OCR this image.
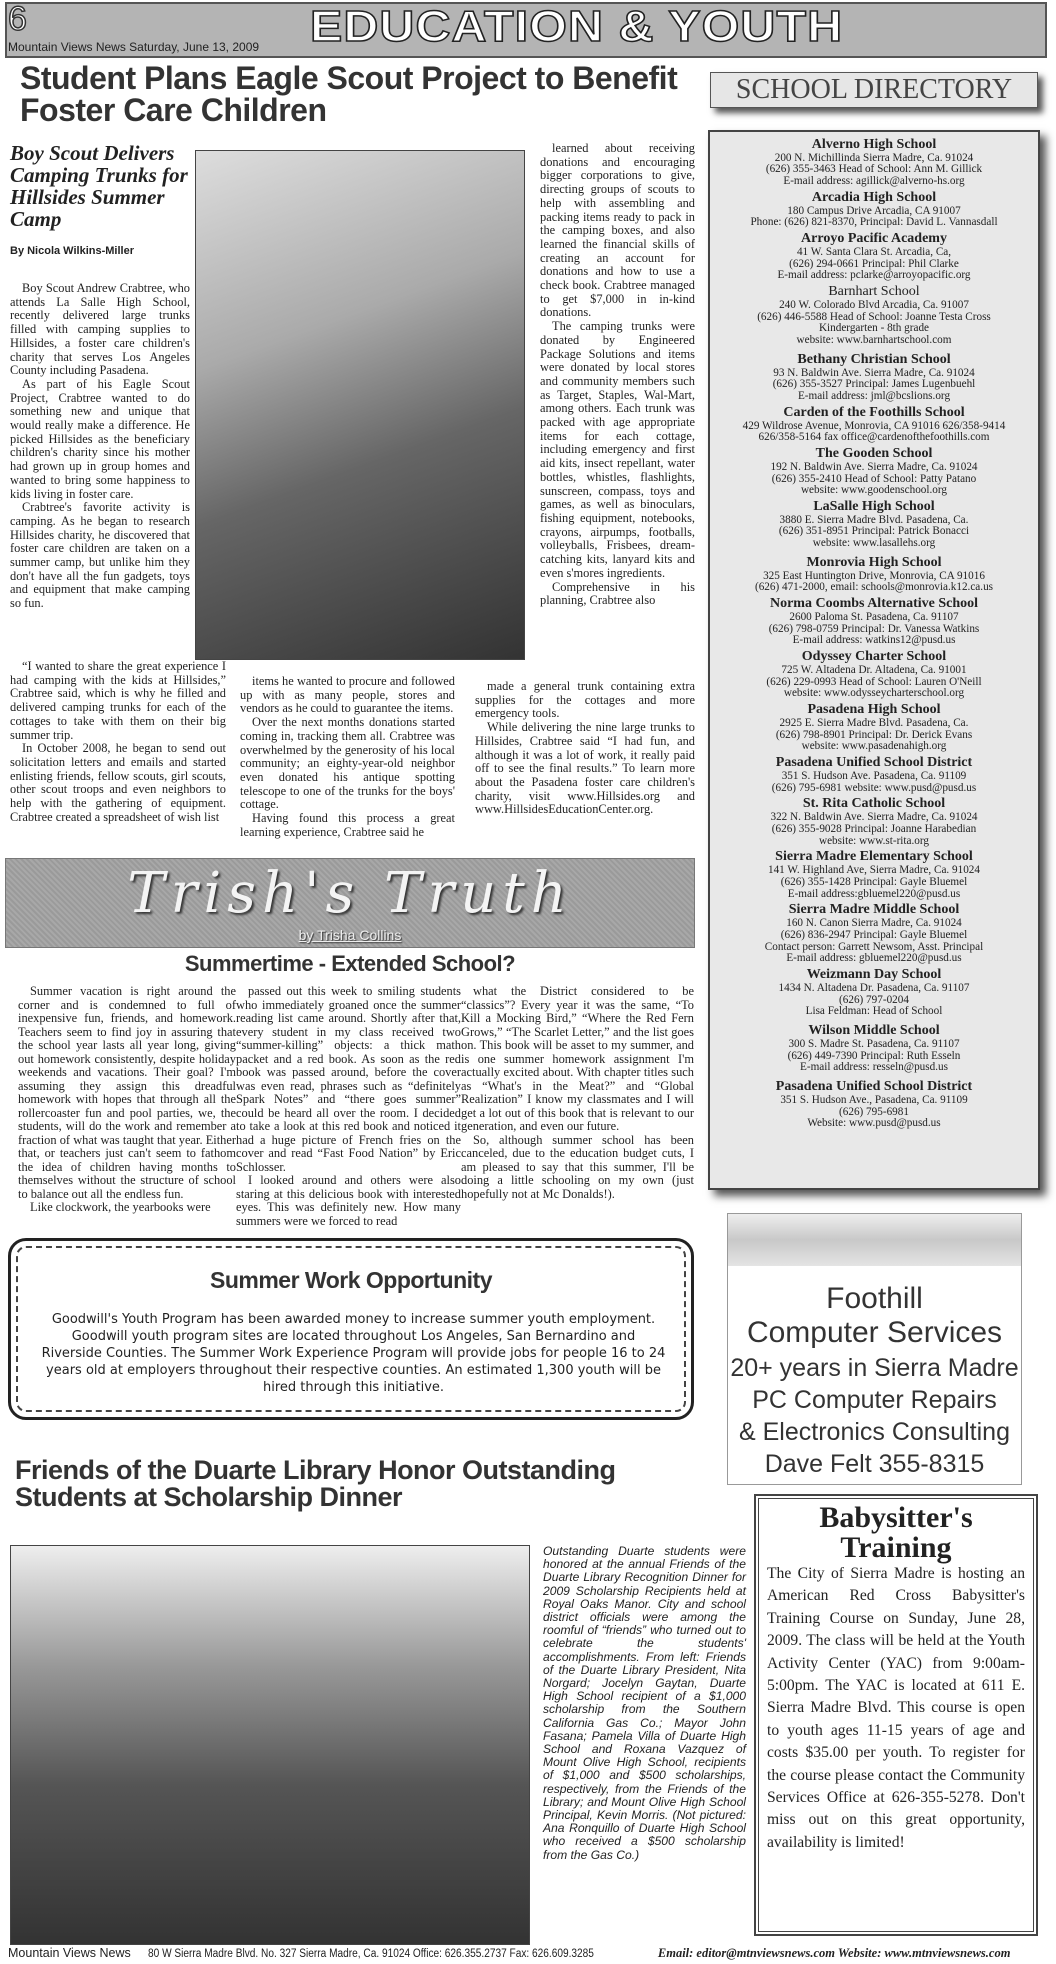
6
Mountain Views News Saturday, June 13, 2009 EDUCATION & YOUTH
Student Plans Eagle Scout Project to Benefit Foster Care Children
Boy Scout Delivers Camping Trunks for Hillsides Summer Camp
By Nicola Wilkins-Miller

Boy Scout Andrew Crabtree, who attends La Salle High School, recently delivered large trunks filled with camping supplies to Hillsides, a foster care children's charity that serves Los Angeles County including Pasadena.

As part of his Eagle Scout Project, Crabtree wanted to do something new and unique that would really make a difference. He picked Hillsides as the beneficiary children's charity since his mother had grown up in group homes and wanted to bring some happiness to kids living in foster care.

Crabtree's favorite activity is camping. As he began to research Hillsides charity, he discovered that foster care children are taken on a summer camp, but unlike him they don't have all the fun gadgets, toys and equipment that make camping so fun.

“I wanted to share the great experience I had camping with the kids at Hillsides,” Crabtree said, which is why he filled and delivered camping trunks for each of the cottages to take with them on their big summer trip.

In October 2008, he began to send out solicitation letters and emails and started enlisting friends, fellow scouts, girl scouts, other scout troops and even neighbors to help with the gathering of equipment. Crabtree created a spreadsheet of wish list

items he wanted to procure and followed up with as many people, stores and vendors as he could to guarantee the items.

Over the next months donations started coming in, tracking them all. Crabtree was overwhelmed by the generosity of his local community; an eighty-year-old neighbor even donated his antique spotting telescope to one of the trunks for the boys' cottage.

Having found this process a great learning experience, Crabtree said he

learned about receiving donations and encouraging bigger corporations to give, directing groups of scouts to help with assembling and packing items ready to pack in the camping boxes, and also learned the financial skills of creating an account for donations and how to use a check book. Crabtree managed to get $7,000 in in-kind donations.

The camping trunks were donated by Engineered Package Solutions and items were donated by local stores and community members such as Target, Staples, Wal-Mart, among others. Each trunk was packed with age appropriate items for each cottage, including emergency and first aid kits, insect repellant, water bottles, whistles, flashlights, sunscreen, compass, toys and games, as well as binoculars, fishing equipment, notebooks, crayons, airpumps, footballs, volleyballs, Frisbees, dream-catching kits, lanyard kits and even s'mores ingredients.

Comprehensive in his planning, Crabtree also

made a general trunk containing extra supplies for the cottages and more emergency tools.

While delivering the nine large trunks to Hillsides, Crabtree said “I had fun, and although it was a lot of work, it really paid off to see the final results.” To learn more about the Pasadena foster care children's charity, visit www.Hillsides.org and www.HillsidesEducationCenter.org.

SCHOOL DIRECTORY
Alverno High School
200 N. Michillinda Sierra Madre, Ca. 91024
(626) 355-3463 Head of School: Ann M. Gillick
E-mail address: agillick@alverno-hs.org
Arcadia High School
180 Campus Drive Arcadia, CA 91007
Phone: (626) 821-8370, Principal: David L. Vannasdall
Arroyo Pacific Academy
41 W. Santa Clara St. Arcadia, Ca,
(626) 294-0661 Principal: Phil Clarke
E-mail address: pclarke@arroyopacific.org
Barnhart School
240 W. Colorado Blvd Arcadia, Ca. 91007
(626) 446-5588 Head of School: Joanne Testa Cross
Kindergarten - 8th grade
website: www.barnhartschool.com
Bethany Christian School
93 N. Baldwin Ave. Sierra Madre, Ca. 91024
(626) 355-3527 Principal: James Lugenbuehl
E-mail address: jml@bcslions.org
Carden of the Foothills School
429 Wildrose Avenue, Monrovia, CA 91016 626/358-9414
626/358-5164 fax office@cardenofthefoothills.com
The Gooden School
192 N. Baldwin Ave. Sierra Madre, Ca. 91024
(626) 355-2410 Head of School: Patty Patano
website: www.goodenschool.org
LaSalle High School
3880 E. Sierra Madre Blvd. Pasadena, Ca.
(626) 351-8951 Principal: Patrick Bonacci
website: www.lasallehs.org
Monrovia High School
325 East Huntington Drive, Monrovia, CA 91016
(626) 471-2000, email: schools@monrovia.k12.ca.us
Norma Coombs Alternative School
2600 Paloma St. Pasadena, Ca. 91107
(626) 798-0759 Principal: Dr. Vanessa Watkins
E-mail address: watkins12@pusd.us
Odyssey Charter School
725 W. Altadena Dr. Altadena, Ca. 91001
(626) 229-0993 Head of School: Lauren O'Neill
website: www.odysseycharterschool.org
Pasadena High School
2925 E. Sierra Madre Blvd. Pasadena, Ca.
(626) 798-8901 Principal: Dr. Derick Evans
website: www.pasadenahigh.org
Pasadena Unified School District
351 S. Hudson Ave. Pasadena, Ca. 91109
(626) 795-6981 website: www.pusd@pusd.us
St. Rita Catholic School
322 N. Baldwin Ave. Sierra Madre, Ca. 91024
(626) 355-9028 Principal: Joanne Harabedian
website: www.st-rita.org
Sierra Madre Elementary School
141 W. Highland Ave, Sierra Madre, Ca. 91024
(626) 355-1428 Principal: Gayle Bluemel
E-mail address:gbluemel220@pusd.us
Sierra Madre Middle School
160 N. Canon Sierra Madre, Ca. 91024
(626) 836-2947 Principal: Gayle Bluemel
Contact person: Garrett Newsom, Asst. Principal
E-mail address: gbluemel220@pusd.us
Weizmann Day School
1434 N. Altadena Dr. Pasadena, Ca. 91107
(626) 797-0204
Lisa Feldman: Head of School
Wilson Middle School
300 S. Madre St. Pasadena, Ca. 91107
(626) 449-7390 Principal: Ruth Esseln
E-mail address: resseln@pusd.us
Pasadena Unified School District
351 S. Hudson Ave., Pasadena, Ca. 91109
(626) 795-6981
Website: www.pusd@pusd.us
Trish's Truth
by Trisha Collins
Summertime - Extended School?

Summer vacation is right around the corner and is condemned to full of inexpensive fun, friends, and homework. Teachers seem to find joy in assuring that the school year lasts all year long, giving out homework consistently, despite holiday weekends and vacations. Their goal? I'm assuming they assign this dreadful homework with hopes that through all the rollercoaster fun and pool parties, we, the students, will do the work and remember a fraction of what was taught that year. Either that, or teachers just can't seem to fathom the idea of children having months to themselves without the structure of school to balance out all the endless fun.

Like clockwork, the yearbooks were

passed out this week to smiling students who immediately groaned once the summer reading list came around. Shortly after that, every student in my class received two “summer-killing” objects: a thick math packet and a red book. As soon as the red book was passed around, before the cover was even read, phrases such as “definitely Spark Notes” and “there goes summer” could be heard all over the room. I decided to take a look at this red book and noticed it had a huge picture of French fries on the cover and read “Fast Food Nation” by Eric Schlosser.

I looked around and others were also staring at this delicious book with interested eyes. This was definitely new. How many summers were we forced to read

what the District considered to be “classics”? Every year it was the same, “To Kill a Mocking Bird,” “Where the Red Fern Grows,” “The Scarlet Letter,” and the list goes on. This book will be asset to my summer, and is one summer homework assignment I'm actually excited about. With chapter titles such as “What's in the Meat?” and “Global Realization” I know my classmates and I will get a lot out of this book that is relevant to our generation, and even our future.

So, although summer school has been canceled, due to the education budget cuts, I am pleased to say that this summer, I'll be doing a little schooling on my own (just hopefully not at Mc Donalds!).

Summer Work Opportunity
Goodwill's Youth Program has been awarded money to increase summer youth employment. Goodwill youth program sites are located throughout Los Angeles, San Bernardino and Riverside Counties. The Summer Work Experience Program will provide jobs for people 16 to 24 years old at employers throughout their respective counties. An estimated 1,300 youth will be hired through this initiative.
Foothill
Computer Services
20+ years in Sierra Madre
PC Computer Repairs
& Electronics Consulting
Dave Felt 355-8315
Friends of the Duarte Library Honor Outstanding Students at Scholarship Dinner
Outstanding Duarte students were honored at the annual Friends of the Duarte Library Recognition Dinner for 2009 Scholarship Recipients held at Royal Oaks Manor. City and school district officials were among the roomful of “friends” who turned out to celebrate the students' accomplishments. From left: Friends of the Duarte Library President, Nita Norgard; Jocelyn Gaytan, Duarte High School recipient of a $1,000 scholarship from the Southern California Gas Co.; Mayor John Fasana; Pamela Villa of Duarte High School and Roxana Vazquez of Mount Olive High School, recipients of $1,000 and $500 scholarships, respectively, from the Friends of the Library; and Mount Olive High School Principal, Kevin Morris. (Not pictured: Ana Ronquillo of Duarte High School who received a $500 scholarship from the Gas Co.)
Babysitter's Training
The City of Sierra Madre is hosting an American Red Cross Babysitter's Training Course on Sunday, June 28, 2009. The class will be held at the Youth Activity Center (YAC) from 9:00am-5:00pm. The YAC is located at 611 E. Sierra Madre Blvd. This course is open to youth ages 11-15 years of age and costs $35.00 per youth. To register for the course please contact the Community Services Office at 626-355-5278. Don't miss out on this great opportunity, availability is limited!
Mountain Views News 80 W Sierra Madre Blvd. No. 327 Sierra Madre, Ca. 91024 Office: 626.355.2737 Fax: 626.609.3285	Email: editor@mtnviewsnews.com Website: www.mtnviewsnews.com
